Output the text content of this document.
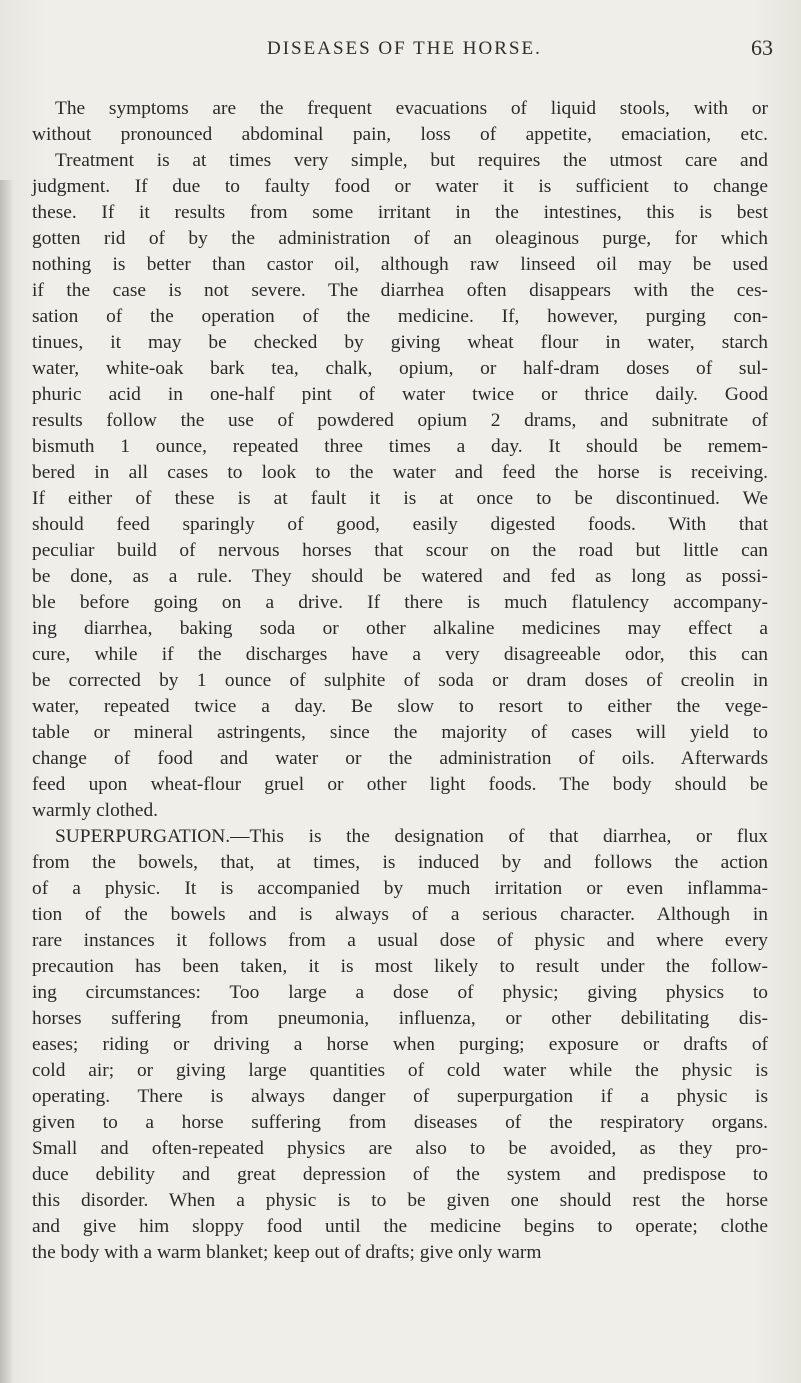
DISEASES OF THE HORSE.	63
The symptoms are the frequent evacuations of liquid stools, with or
without pronounced abdominal pain, loss of appetite, emaciation, etc.
Treatment is at times very simple, but requires the utmost care and
judgment. If due to faulty food or water it is sufficient to change
these. If it results from some irritant in the intestines, this is best
gotten rid of by the administration of an oleaginous purge, for which
nothing is better than castor oil, although raw linseed oil may be used
if the case is not severe. The diarrhea often disappears with the ces-
sation of the operation of the medicine. If, however, purging con-
tinues, it may be checked by giving wheat flour in water, starch
water, white-oak bark tea, chalk, opium, or half-dram doses of sul-
phuric acid in one-half pint of water twice or thrice daily. Good
results follow the use of powdered opium 2 drams, and subnitrate of
bismuth 1 ounce, repeated three times a day. It should be remem-
bered in all cases to look to the water and feed the horse is receiving.
If either of these is at fault it is at once to be discontinued. We
should feed sparingly of good, easily digested foods. With that
peculiar build of nervous horses that scour on the road but little can
be done, as a rule. They should be watered and fed as long as possi-
ble before going on a drive. If there is much flatulency accompany-
ing diarrhea, baking soda or other alkaline medicines may effect a
cure, while if the discharges have a very disagreeable odor, this can
be corrected by 1 ounce of sulphite of soda or dram doses of creolin in
water, repeated twice a day. Be slow to resort to either the vege-
table or mineral astringents, since the majority of cases will yield to
change of food and water or the administration of oils. Afterwards
feed upon wheat-flour gruel or other light foods. The body should be
warmly clothed.
SUPERPURGATION.—This is the designation of that diarrhea, or flux
from the bowels, that, at times, is induced by and follows the action
of a physic. It is accompanied by much irritation or even inflamma-
tion of the bowels and is always of a serious character. Although in
rare instances it follows from a usual dose of physic and where every
precaution has been taken, it is most likely to result under the follow-
ing circumstances: Too large a dose of physic; giving physics to
horses suffering from pneumonia, influenza, or other debilitating dis-
eases; riding or driving a horse when purging; exposure or drafts of
cold air; or giving large quantities of cold water while the physic is
operating. There is always danger of superpurgation if a physic is
given to a horse suffering from diseases of the respiratory organs.
Small and often-repeated physics are also to be avoided, as they pro-
duce debility and great depression of the system and predispose to
this disorder. When a physic is to be given one should rest the horse
and give him sloppy food until the medicine begins to operate; clothe
the body with a warm blanket; keep out of drafts; give only warm
